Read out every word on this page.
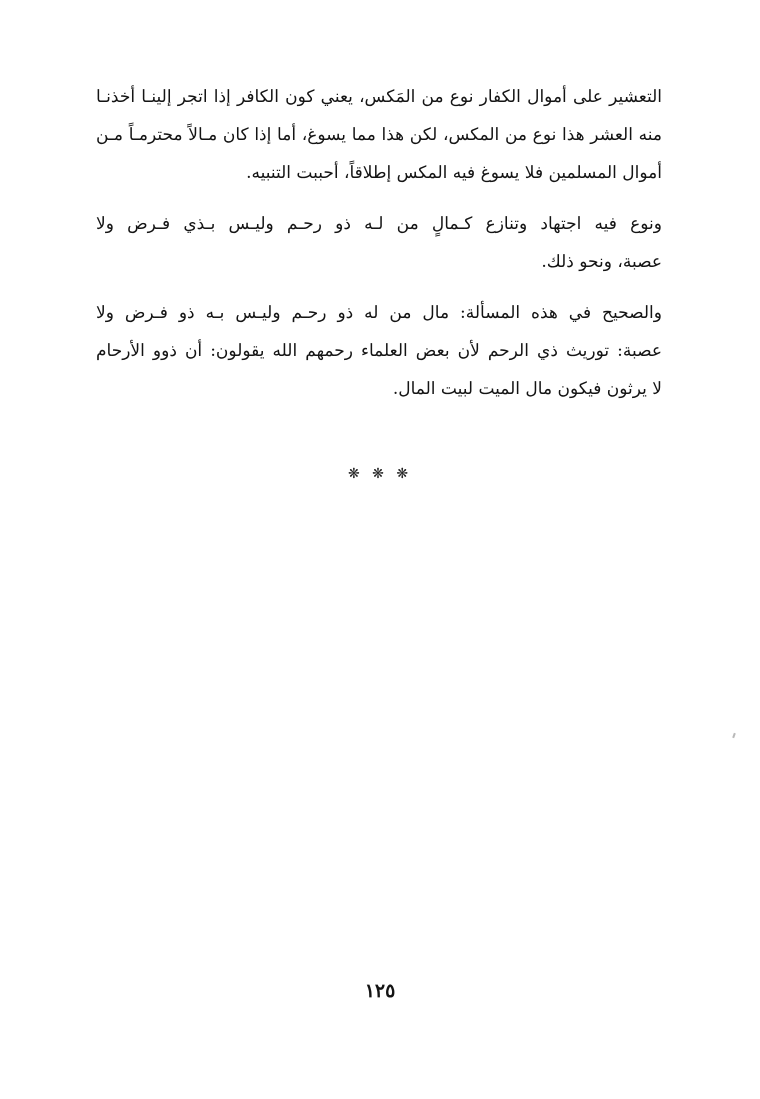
التعشير على أموال الكفار نوع من المَكس، يعني كون الكافر إذا اتجر إلينـا أخذنـا
منه العشر هذا نوع من المكس، لكن هذا مما يسوغ، أما إذا كان مـالاً محترمـاً مـن
أموال المسلمين فلا يسوغ فيه المكس إطلاقاً، أحببت التنبيه.
ونوع فيه اجتهاد وتنازع كـمالٍ من لـه ذو رحـم وليـس بـذي فـرض ولا
عصبة، ونحو ذلك.
والصحيح في هذه المسألة: مال من له ذو رحـم وليـس بـه ذو فـرض ولا
عصبة: توريث ذي الرحم لأن بعض العلماء رحمهم الله يقولون: أن ذوو الأرحام
لا يرثون فيكون مال الميت لبيت المال.
❋ ❋ ❋
١٢٥
